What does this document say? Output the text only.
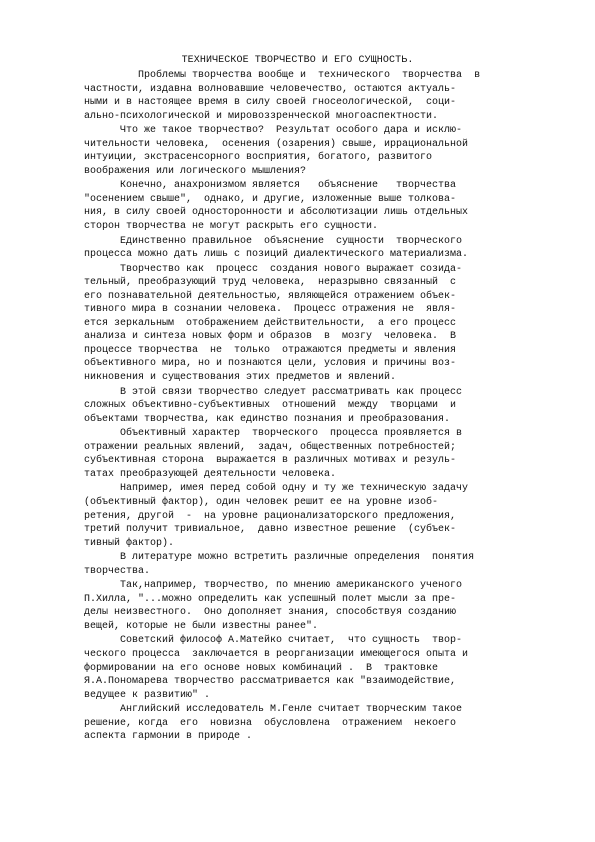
ТЕХНИЧЕСКОЕ ТВОРЧЕСТВО И ЕГО СУЩНОСТЬ.
Проблемы творчества вообще и  технического  творчества  в
частности, издавна волновавшие человечество, остаются актуаль-
ными и в настоящее время в силу своей гносеологической,  соци-
ально-психологической и мировоззренческой многоаспектности.
Что же такое творчество?  Результат особого дара и исклю-
чительности человека,  осенения (озарения) свыше, иррациональной
интуиции, экстрасенсорного восприятия, богатого, развитого
воображения или логического мышления?
Конечно, анахронизмом является   объяснение   творчества
"осенением свыше",  однако, и другие, изложенные выше толкова-
ния, в силу своей односторонности и абсолютизации лишь отдельных
сторон творчества не могут раскрыть его сущности.
Единственно правильное  объяснение  сущности  творческого
процесса можно дать лишь с позиций диалектического материализма.
Творчество как  процесс  создания нового выражает созида-
тельный, преобразующий труд человека,  неразрывно связанный  с
его познавательной деятельностью, являющейся отражением объек-
тивного мира в сознании человека.  Процесс отражения не  явля-
ется зеркальным  отображением действительности,  а его процесс
анализа и синтеза новых форм и образов  в  мозгу  человека.  В
процессе творчества  не  только  отражаются предметы и явления
объективного мира, но и познаются цели, условия и причины воз-
никновения и существования этих предметов и явлений.
В этой связи творчество следует рассматривать как процесс
сложных объективно-субъективных  отношений  между  творцами  и
объектами творчества, как единство познания и преобразования.
Объективный характер  творческого  процесса проявляется в
отражении реальных явлений,  задач, общественных потребностей;
субъективная сторона  выражается в различных мотивах и резуль-
татах преобразующей деятельности человека.
Например, имея перед собой одну и ту же техническую задачу
(объективный фактор), один человек решит ее на уровне изоб-
ретения, другой  -  на уровне рационализаторского предложения,
третий получит тривиальное,  давно известное решение  (субъек-
тивный фактор).
В литературе можно встретить различные определения  понятия
творчества.
Так,например, творчество, по мнению американского ученого
П.Хилла, "...можно определить как успешный полет мысли за пре-
делы неизвестного.  Оно дополняет знания, способствуя созданию
вещей, которые не были известны ранее".
Советский философ А.Матейко считает,  что сущность  твор-
ческого процесса  заключается в реорганизации имеющегося опыта и
формировании на его основе новых комбинаций .  В  трактовке
Я.А.Пономарева творчество рассматривается как "взаимодействие,
ведущее к развитию" .
Английский исследователь М.Генле считает творческим такое
решение, когда  его  новизна  обусловлена  отражением  некоего
аспекта гармонии в природе .
